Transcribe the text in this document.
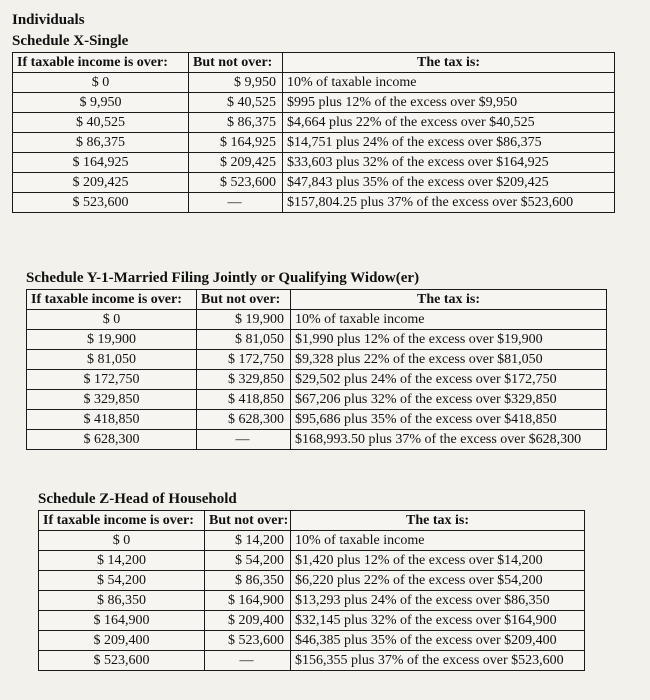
Individuals
Schedule X-Single
If taxable income is over:	But not over:	The tax is:
$ 0	$ 9,950	10% of taxable income
$ 9,950	$ 40,525	$995 plus 12% of the excess over $9,950
$ 40,525	$ 86,375	$4,664 plus 22% of the excess over $40,525
$ 86,375	$ 164,925	$14,751 plus 24% of the excess over $86,375
$ 164,925	$ 209,425	$33,603 plus 32% of the excess over $164,925
$ 209,425	$ 523,600	$47,843 plus 35% of the excess over $209,425
$ 523,600	—	$157,804.25 plus 37% of the excess over $523,600
Schedule Y-1-Married Filing Jointly or Qualifying Widow(er)
If taxable income is over:	But not over:	The tax is:
$ 0	$ 19,900	10% of taxable income
$ 19,900	$ 81,050	$1,990 plus 12% of the excess over $19,900
$ 81,050	$ 172,750	$9,328 plus 22% of the excess over $81,050
$ 172,750	$ 329,850	$29,502 plus 24% of the excess over $172,750
$ 329,850	$ 418,850	$67,206 plus 32% of the excess over $329,850
$ 418,850	$ 628,300	$95,686 plus 35% of the excess over $418,850
$ 628,300	—	$168,993.50 plus 37% of the excess over $628,300
Schedule Z-Head of Household
If taxable income is over:	But not over:	The tax is:
$ 0	$ 14,200	10% of taxable income
$ 14,200	$ 54,200	$1,420 plus 12% of the excess over $14,200
$ 54,200	$ 86,350	$6,220 plus 22% of the excess over $54,200
$ 86,350	$ 164,900	$13,293 plus 24% of the excess over $86,350
$ 164,900	$ 209,400	$32,145 plus 32% of the excess over $164,900
$ 209,400	$ 523,600	$46,385 plus 35% of the excess over $209,400
$ 523,600	—	$156,355 plus 37% of the excess over $523,600
